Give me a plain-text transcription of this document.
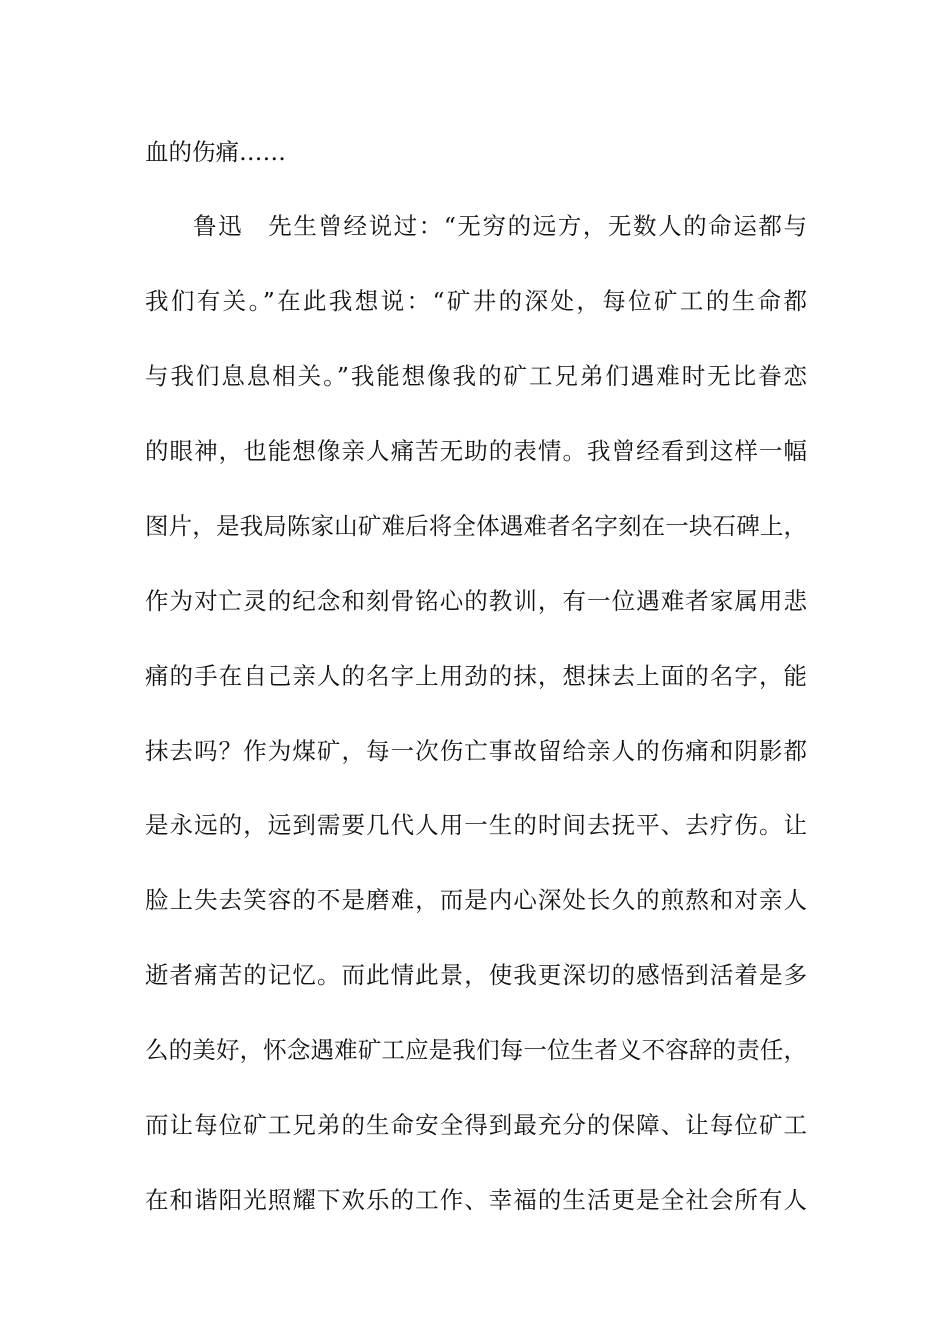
血的伤痛……
鲁迅　先生曾经说过：“无穷的远方，无数人的命运都与
我们有关。”在此我想说：“矿井的深处，每位矿工的生命都
与我们息息相关。”我能想像我的矿工兄弟们遇难时无比眷恋
的眼神，也能想像亲人痛苦无助的表情。我曾经看到这样一幅
图片，是我局陈家山矿难后将全体遇难者名字刻在一块石碑上，
作为对亡灵的纪念和刻骨铭心的教训，有一位遇难者家属用悲
痛的手在自己亲人的名字上用劲的抹，想抹去上面的名字，能
抹去吗？作为煤矿，每一次伤亡事故留给亲人的伤痛和阴影都
是永远的，远到需要几代人用一生的时间去抚平、去疗伤。让
脸上失去笑容的不是磨难，而是内心深处长久的煎熬和对亲人
逝者痛苦的记忆。而此情此景，使我更深切的感悟到活着是多
么的美好，怀念遇难矿工应是我们每一位生者义不容辞的责任，
而让每位矿工兄弟的生命安全得到最充分的保障、让每位矿工
在和谐阳光照耀下欢乐的工作、幸福的生活更是全社会所有人
